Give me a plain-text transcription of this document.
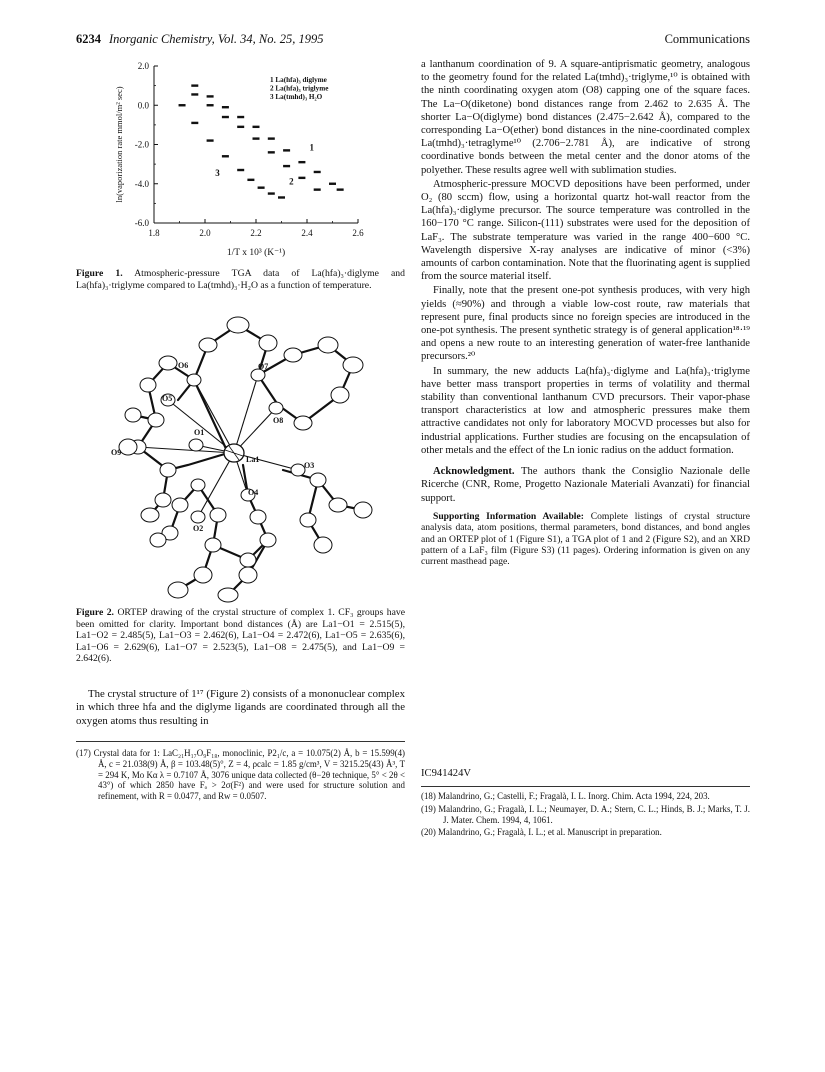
6234 Inorganic Chemistry, Vol. 34, No. 25, 1995	Communications
1.8	2.0	2.2	2.4	2.6
2.0
0.0
-2.0
-4.0
-6.0
1/T x 10³ (K⁻¹)
ln(vaporization rate mmol/m² sec)
1 La(hfa)₃ diglyme
2 La(hfa)₃ triglyme
3 La(tmhd)₃ H₂O
1
2
3
Figure 1. Atmospheric-pressure TGA data of La(hfa)₃·diglyme and La(hfa)₃·triglyme compared to La(tmhd)₃·H₂O as a function of temperature.
O6	O7
O5
O8
O9
O1
La1
O3
O4
O2
Figure 2. ORTEP drawing of the crystal structure of complex 1. CF₃ groups have been omitted for clarity. Important bond distances (Å) are La1−O1 = 2.515(5), La1−O2 = 2.485(5), La1−O3 = 2.462(6), La1−O4 = 2.472(6), La1−O5 = 2.635(6), La1−O6 = 2.629(6), La1−O7 = 2.523(5), La1−O8 = 2.475(5), and La1−O9 = 2.642(6).
The crystal structure of 1¹⁷ (Figure 2) consists of a mononuclear complex in which three hfa and the diglyme ligands are coordinated through all the oxygen atoms thus resulting in

(17) Crystal data for 1: LaC₂₁H₁₇O₉F₁₈, monoclinic, P2₁/c, a = 10.075(2) Å, b = 15.599(4) Å, c = 21.038(9) Å, β = 103.48(5)°, Z = 4, ρcalc = 1.85 g/cm³, V = 3215.25(43) Å³, T = 294 K, Mo Kα λ = 0.7107 Å, 3076 unique data collected (θ−2θ technique, 5° < 2θ < 43°) of which 2850 have Fₒ > 2σ(F²) and were used for structure solution and refinement, with R = 0.0477, and Rw = 0.0507.

a lanthanum coordination of 9. A square-antiprismatic geometry, analogous to the geometry found for the related La(tmhd)₃·triglyme,¹⁰ is obtained with the ninth coordinating oxygen atom (O8) capping one of the square faces. The La−O(diketone) bond distances range from 2.462 to 2.635 Å. The shorter La−O(diglyme) bond distances (2.475−2.642 Å), compared to the corresponding La−O(ether) bond distances in the nine-coordinated complex La(tmhd)₃·tetraglyme¹⁰ (2.706−2.781 Å), are indicative of strong coordinative bonds between the metal center and the donor atoms of the polyether. These results agree well with sublimation studies.

Atmospheric-pressure MOCVD depositions have been performed, under O₂ (80 sccm) flow, using a horizontal quartz hot-wall reactor from the La(hfa)₃·diglyme precursor. The source temperature was controlled in the 160−170 °C range. Silicon-(111) substrates were used for the deposition of LaF₃. The substrate temperature was varied in the range 400−600 °C. Wavelength dispersive X-ray analyses are indicative of minor (<3%) amounts of carbon contamination. Note that the fluorinating agent is supplied from the source material itself.

Finally, note that the present one-pot synthesis produces, with very high yields (≈90%) and through a viable low-cost route, raw materials that represent pure, final products since no foreign species are introduced in the one-pot synthesis. The present synthetic strategy is of general application¹⁸·¹⁹ and opens a new route to an interesting generation of water-free lanthanide precursors.²⁰

In summary, the new adducts La(hfa)₃·diglyme and La(hfa)₃·triglyme have better mass transport properties in terms of volatility and thermal stability than conventional lanthanum CVD precursors. Their vapor-phase transport characteristics at low and atmospheric pressures make them attractive candidates not only for laboratory MOCVD processes but also for industrial applications. Further studies are focusing on the encapsulation of other metals and the effect of the Ln ionic radius on the adduct formation.

Acknowledgment. The authors thank the Consiglio Nazionale delle Ricerche (CNR, Rome, Progetto Nazionale Materiali Avanzati) for financial support.

Supporting Information Available: Complete listings of crystal structure analysis data, atom positions, thermal parameters, bond distances, and bond angles and an ORTEP plot of 1 (Figure S1), a TGA plot of 1 and 2 (Figure S2), and an XRD pattern of a LaF₃ film (Figure S3) (11 pages). Ordering information is given on any current masthead page.

IC941424V

(18) Malandrino, G.; Castelli, F.; Fragalà, I. L. Inorg. Chim. Acta 1994, 224, 203.

(19) Malandrino, G.; Fragalà, I. L.; Neumayer, D. A.; Stern, C. L.; Hinds, B. J.; Marks, T. J. J. Mater. Chem. 1994, 4, 1061.

(20) Malandrino, G.; Fragalà, I. L.; et al. Manuscript in preparation.
